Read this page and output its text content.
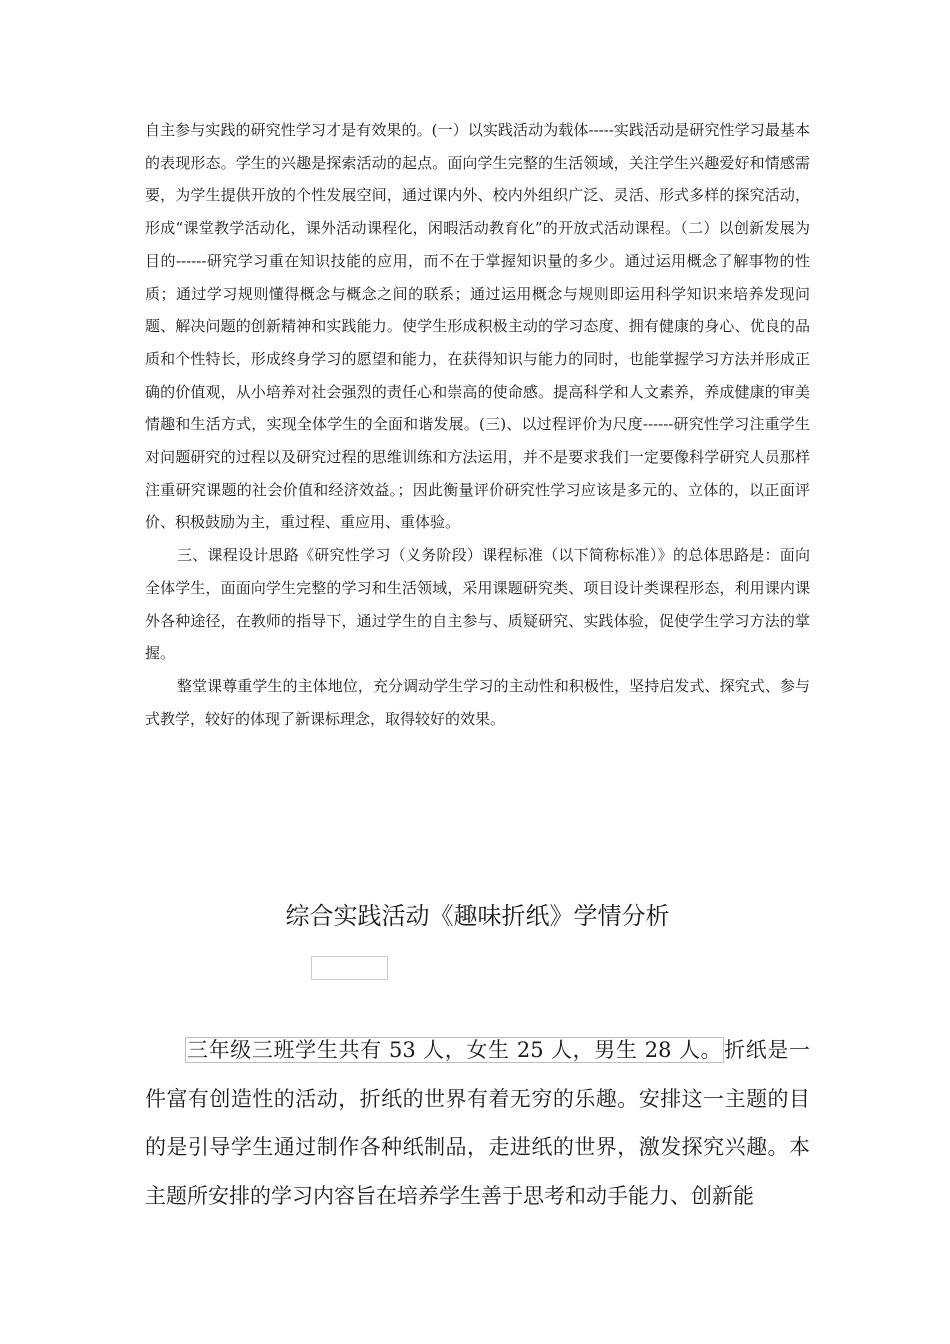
自主参与实践的研究性学习才是有效果的。(一）以实践活动为载体-----实践活动是研究性学习最基本的表现形态。学生的兴趣是探索活动的起点。面向学生完整的生活领域，关注学生兴趣爱好和情感需要，为学生提供开放的个性发展空间，通过课内外、校内外组织广泛、灵活、形式多样的探究活动，形成“课堂教学活动化，课外活动课程化，闲暇活动教育化”的开放式活动课程。（二）以创新发展为目的------研究学习重在知识技能的应用，而不在于掌握知识量的多少。通过运用概念了解事物的性质；通过学习规则懂得概念与概念之间的联系；通过运用概念与规则即运用科学知识来培养发现问题、解决问题的创新精神和实践能力。使学生形成积极主动的学习态度、拥有健康的身心、优良的品质和个性特长，形成终身学习的愿望和能力，在获得知识与能力的同时，也能掌握学习方法并形成正确的价值观，从小培养对社会强烈的责任心和崇高的使命感。提高科学和人文素养，养成健康的审美情趣和生活方式，实现全体学生的全面和谐发展。(三)、以过程评价为尺度------研究性学习注重学生对问题研究的过程以及研究过程的思维训练和方法运用，并不是要求我们一定要像科学研究人员那样注重研究课题的社会价值和经济效益。；因此衡量评价研究性学习应该是多元的、立体的，以正面评价、积极鼓励为主，重过程、重应用、重体验。

三、课程设计思路《研究性学习（义务阶段）课程标准（以下简称标准）》的总体思路是：面向全体学生，面面向学生完整的学习和生活领域，采用课题研究类、项目设计类课程形态，利用课内课外各种途径，在教师的指导下，通过学生的自主参与、质疑研究、实践体验，促使学生学习方法的掌握。

整堂课尊重学生的主体地位，充分调动学生学习的主动性和积极性，坚持启发式、探究式、参与式教学，较好的体现了新课标理念，取得较好的效果。

综合实践活动《趣味折纸》学情分析

三年级三班学生共有 53 人，女生 25 人，男生 28 人。折纸是一件富有创造性的活动，折纸的世界有着无穷的乐趣。安排这一主题的目的是引导学生通过制作各种纸制品，走进纸的世界，激发探究兴趣。本主题所安排的学习内容旨在培养学生善于思考和动手能力、创新能
